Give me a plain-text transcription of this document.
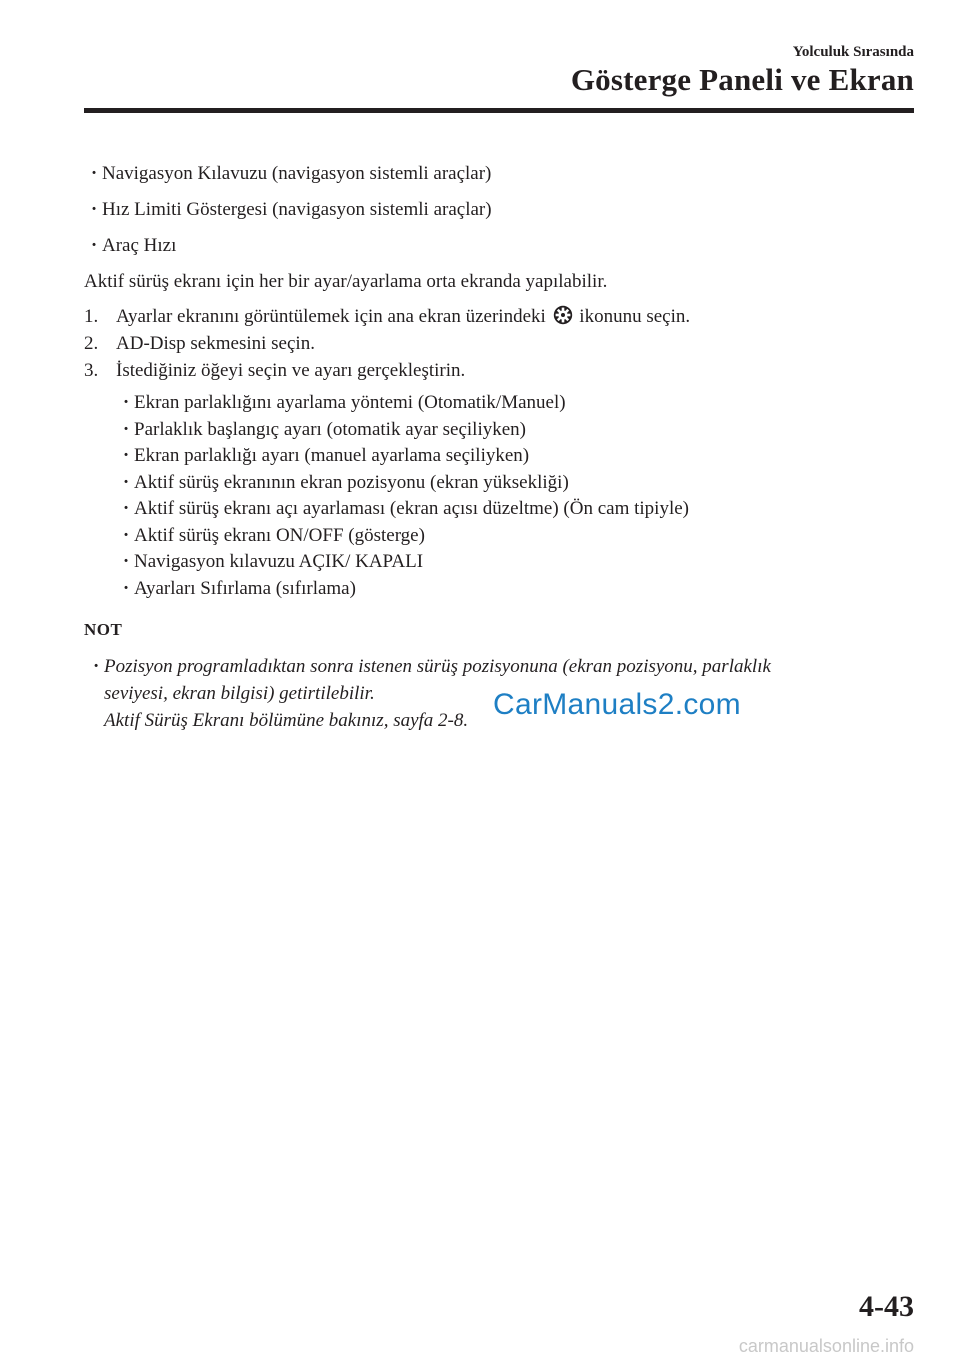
Yolculuk Sırasında
Gösterge Paneli ve Ekran
· Navigasyon Kılavuzu (navigasyon sistemli araçlar)
· Hız Limiti Göstergesi (navigasyon sistemli araçlar)
· Araç Hızı
Aktif sürüş ekranı için her bir ayar/ayarlama orta ekranda yapılabilir.
1. Ayarlar ekranını görüntülemek için ana ekran üzerindeki ikonunu seçin.
2. AD-Disp sekmesini seçin.
3. İstediğiniz öğeyi seçin ve ayarı gerçekleştirin.
· Ekran parlaklığını ayarlama yöntemi (Otomatik/Manuel)
· Parlaklık başlangıç ayarı (otomatik ayar seçiliyken)
· Ekran parlaklığı ayarı (manuel ayarlama seçiliyken)
· Aktif sürüş ekranının ekran pozisyonu (ekran yüksekliği)
· Aktif sürüş ekranı açı ayarlaması (ekran açısı düzeltme) (Ön cam tipiyle)
· Aktif sürüş ekranı ON/OFF (gösterge)
· Navigasyon kılavuzu AÇIK/ KAPALI
· Ayarları Sıfırlama (sıfırlama)
NOT
· Pozisyon programladıktan sonra istenen sürüş pozisyonuna (ekran pozisyonu, parlaklık
seviyesi, ekran bilgisi) getirtilebilir.
Aktif Sürüş Ekranı bölümüne bakınız, sayfa 2-8. CarManuals2.com
4-43
carmanualsonline.info
